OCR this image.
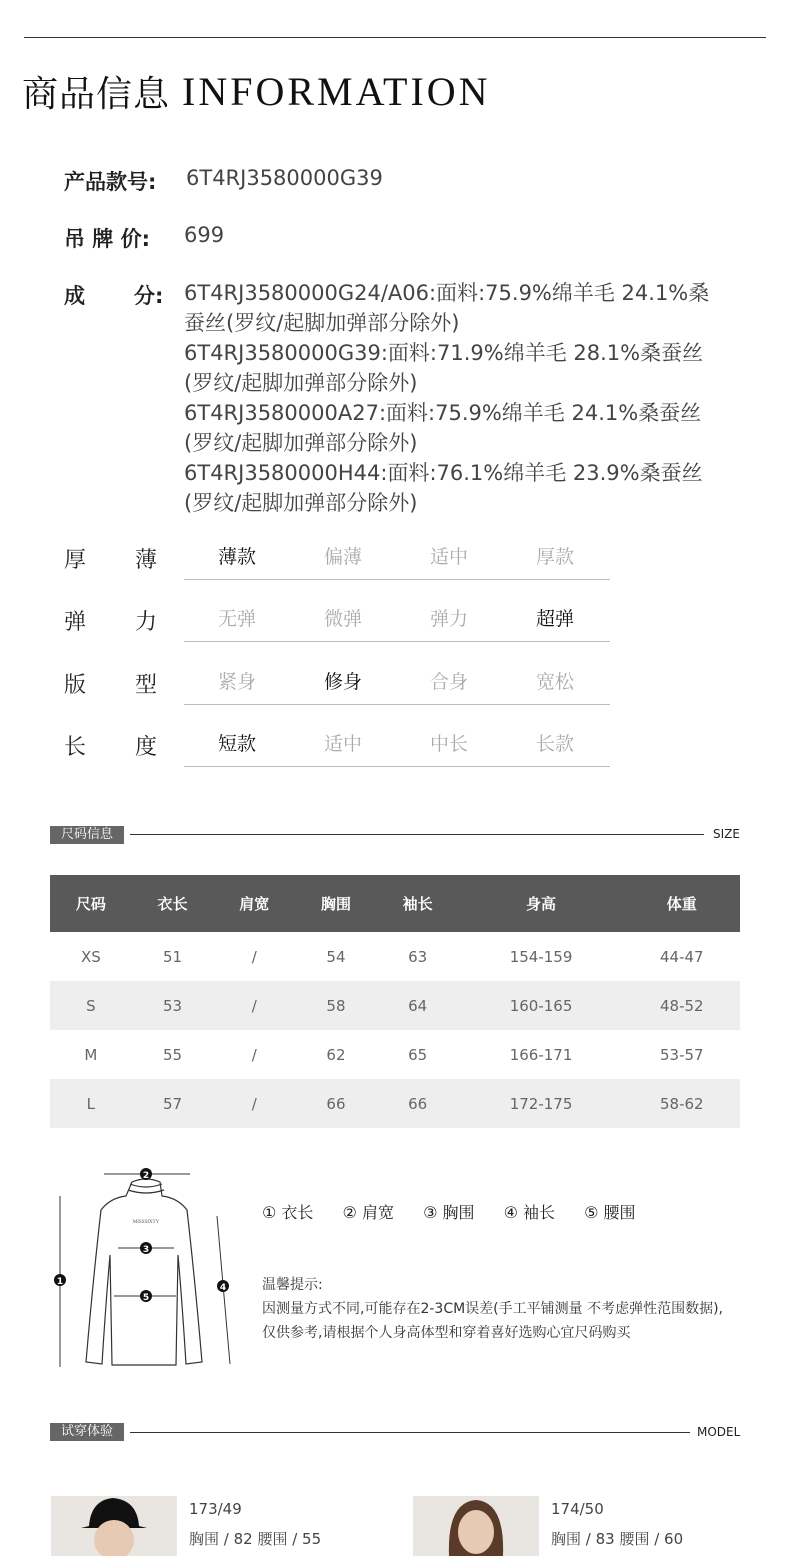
商品信息 INFORMATION
产品款号: 6T4RJ3580000G39
吊 牌 价: 699
成 分: 6T4RJ3580000G24/A06:面料:75.9%绵羊毛 24.1%桑
蚕丝(罗纹/起脚加弹部分除外)
6T4RJ3580000G39:面料:71.9%绵羊毛 28.1%桑蚕丝
(罗纹/起脚加弹部分除外)
6T4RJ3580000A27:面料:75.9%绵羊毛 24.1%桑蚕丝
(罗纹/起脚加弹部分除外)
6T4RJ3580000H44:面料:76.1%绵羊毛 23.9%桑蚕丝
(罗纹/起脚加弹部分除外)
厚 薄	薄款	偏薄	适中	厚款
弹 力	无弹	微弹	弹力	超弹
版 型	紧身	修身	合身	宽松
长 度	短款	适中	中长	长款
尺码信息	SIZE
尺码	衣长	肩宽	胸围	袖长	身高	体重
XS	51	/	54	63	154-159	44-47
S	53	/	58	64	160-165	48-52
M	55	/	62	65	166-171	53-57
L	57	/	66	66	172-175	58-62
MISSSIXTY
1
2
3
4
5
① 衣长 ② 肩宽 ③ 胸围 ④ 袖长 ⑤ 腰围
温馨提示:
因测量方式不同,可能存在2-3CM误差(手工平铺测量 不考虑弹性范围数据),仅供参考,请根据个人身高体型和穿着喜好选购心宜尺码购买
试穿体验	MODEL
173/49
胸围 / 82 腰围 / 55
174/50
胸围 / 83 腰围 / 60
